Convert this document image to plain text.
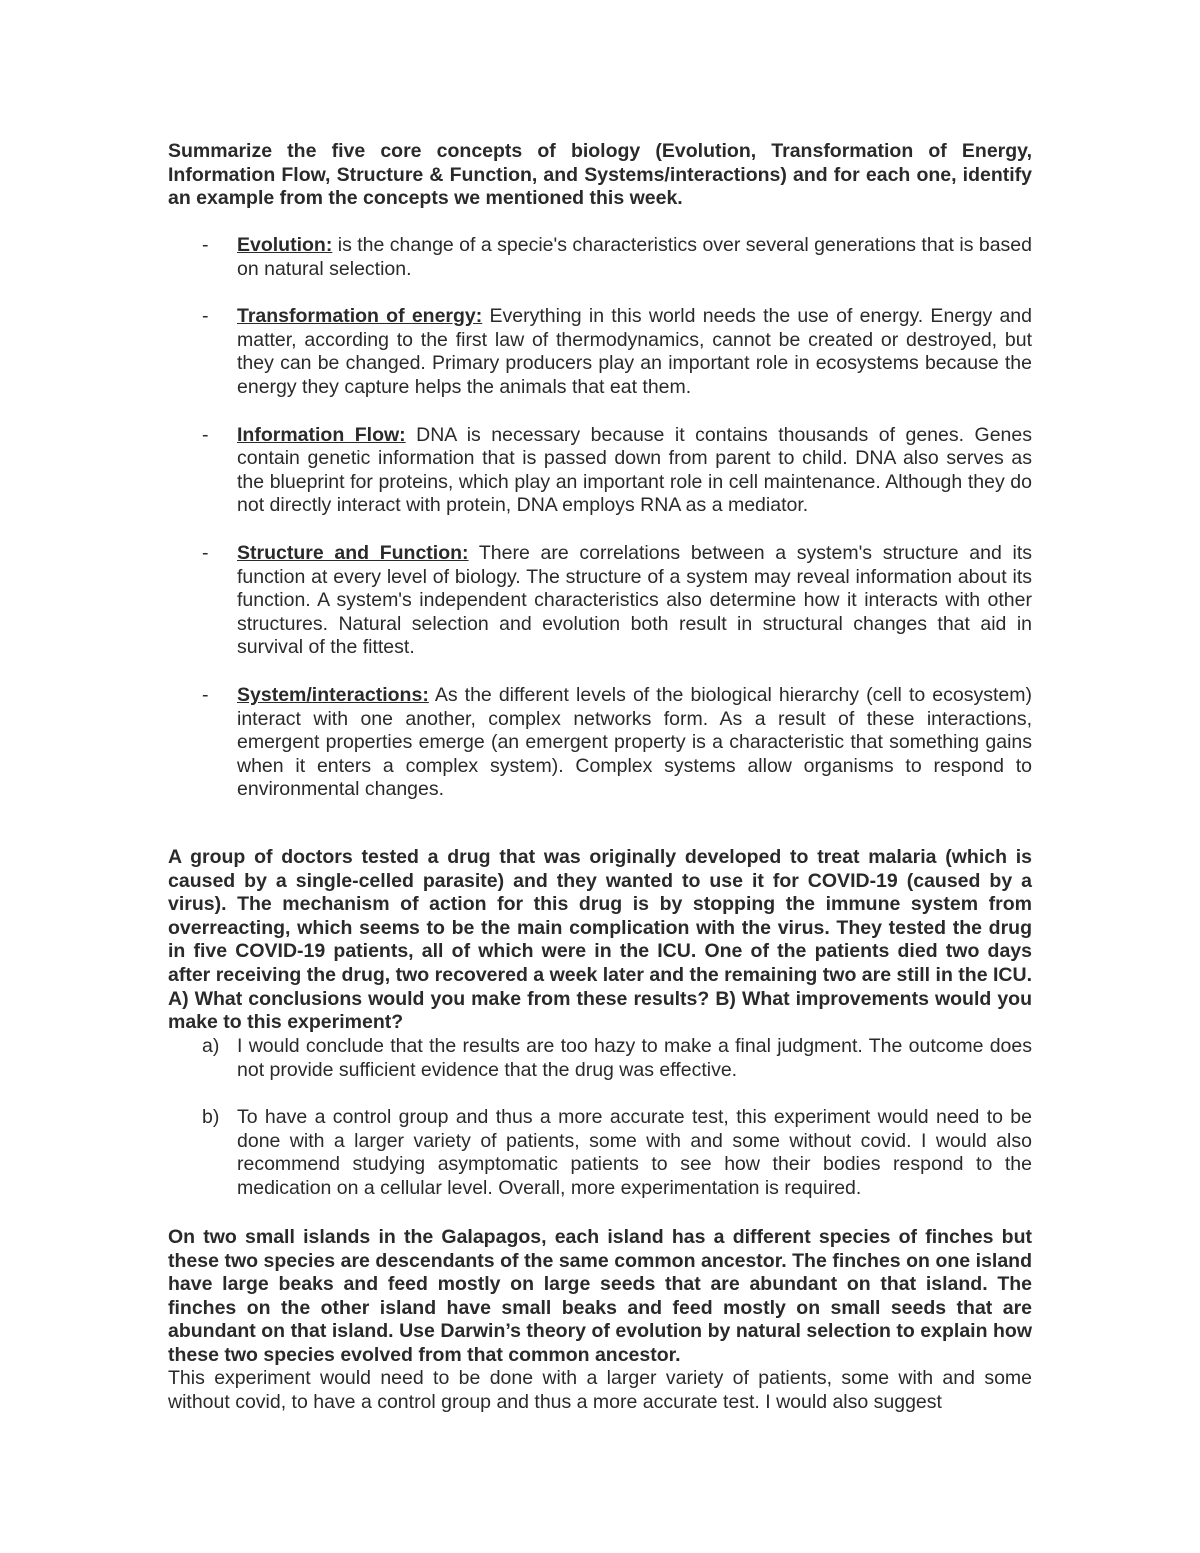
Summarize the five core concepts of biology (Evolution, Transformation of Energy, Information Flow, Structure & Function, and Systems/interactions) and for each one, identify an example from the concepts we mentioned this week.
- Evolution: is the change of a specie's characteristics over several generations that is based on natural selection.
- Transformation of energy: Everything in this world needs the use of energy. Energy and matter, according to the first law of thermodynamics, cannot be created or destroyed, but they can be changed. Primary producers play an important role in ecosystems because the energy they capture helps the animals that eat them.
- Information Flow: DNA is necessary because it contains thousands of genes. Genes contain genetic information that is passed down from parent to child. DNA also serves as the blueprint for proteins, which play an important role in cell maintenance. Although they do not directly interact with protein, DNA employs RNA as a mediator.
- Structure and Function: There are correlations between a system's structure and its function at every level of biology. The structure of a system may reveal information about its function. A system's independent characteristics also determine how it interacts with other structures. Natural selection and evolution both result in structural changes that aid in survival of the fittest.
- System/interactions: As the different levels of the biological hierarchy (cell to ecosystem) interact with one another, complex networks form. As a result of these interactions, emergent properties emerge (an emergent property is a characteristic that something gains when it enters a complex system). Complex systems allow organisms to respond to environmental changes.
A group of doctors tested a drug that was originally developed to treat malaria (which is caused by a single-celled parasite) and they wanted to use it for COVID-19 (caused by a virus). The mechanism of action for this drug is by stopping the immune system from overreacting, which seems to be the main complication with the virus. They tested the drug in five COVID-19 patients, all of which were in the ICU. One of the patients died two days after receiving the drug, two recovered a week later and the remaining two are still in the ICU. A) What conclusions would you make from these results? B) What improvements would you make to this experiment?
a) I would conclude that the results are too hazy to make a final judgment. The outcome does not provide sufficient evidence that the drug was effective.
b) To have a control group and thus a more accurate test, this experiment would need to be done with a larger variety of patients, some with and some without covid. I would also recommend studying asymptomatic patients to see how their bodies respond to the medication on a cellular level. Overall, more experimentation is required.
On two small islands in the Galapagos, each island has a different species of finches but these two species are descendants of the same common ancestor. The finches on one island have large beaks and feed mostly on large seeds that are abundant on that island. The finches on the other island have small beaks and feed mostly on small seeds that are abundant on that island. Use Darwin’s theory of evolution by natural selection to explain how these two species evolved from that common ancestor.
This experiment would need to be done with a larger variety of patients, some with and some without covid, to have a control group and thus a more accurate test. I would also suggest
